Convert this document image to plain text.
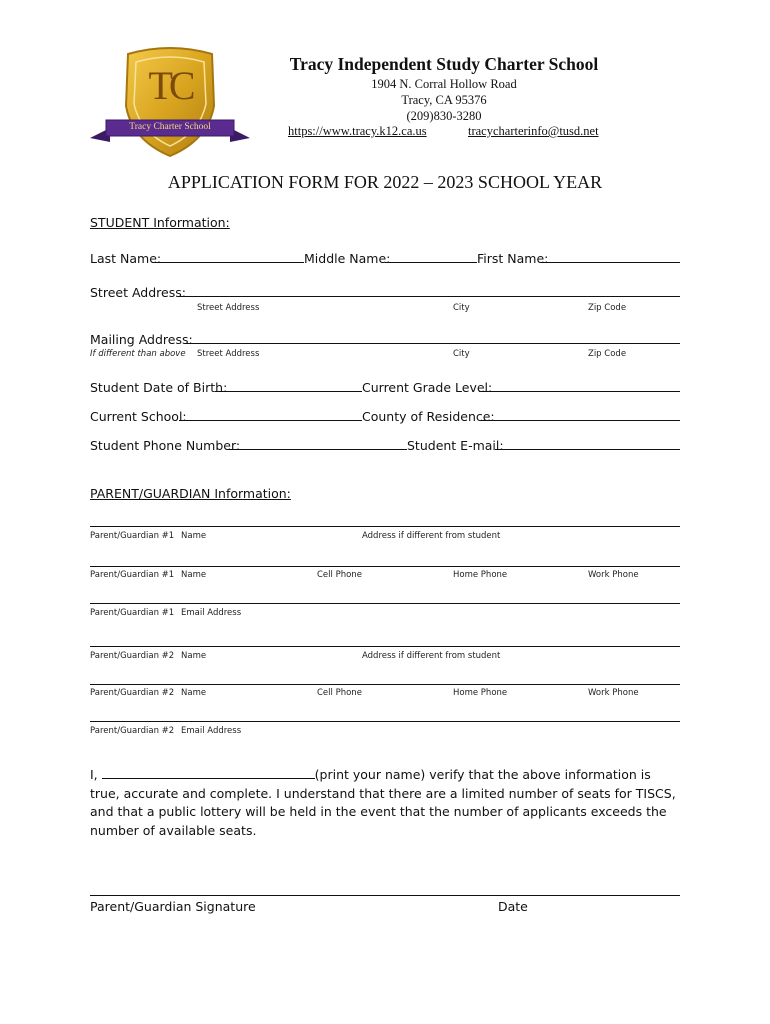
TC
Tracy Charter School
Tracy Independent Study Charter School
1904 N. Corral Hollow Road
Tracy, CA 95376
(209)830-3280
https://www.tracy.k12.ca.us	tracycharterinfo@tusd.net
APPLICATION FORM FOR 2022 – 2023 SCHOOL YEAR
STUDENT Information:
Last Name:	Middle Name:	First Name:
Street Address:
Street Address	City	Zip Code
Mailing Address:
If different than above Street Address	City	Zip Code
Student Date of Birth:	Current Grade Level:
Current School:	County of Residence:
Student Phone Number:	Student E-mail:
PARENT/GUARDIAN Information:
Parent/Guardian #1 Name	Address if different from student
Parent/Guardian #1 Name	Cell Phone	Home Phone	Work Phone
Parent/Guardian #1 Email Address
Parent/Guardian #2 Name	Address if different from student
Parent/Guardian #2 Name	Cell Phone	Home Phone	Work Phone
Parent/Guardian #2 Email Address
I,	(print your name) verify that the above information is true, accurate and complete. I understand that there are a limited number of seats for TISCS, and that a public lottery will be held in the event that the number of applicants exceeds the number of available seats.
Parent/Guardian Signature	Date
